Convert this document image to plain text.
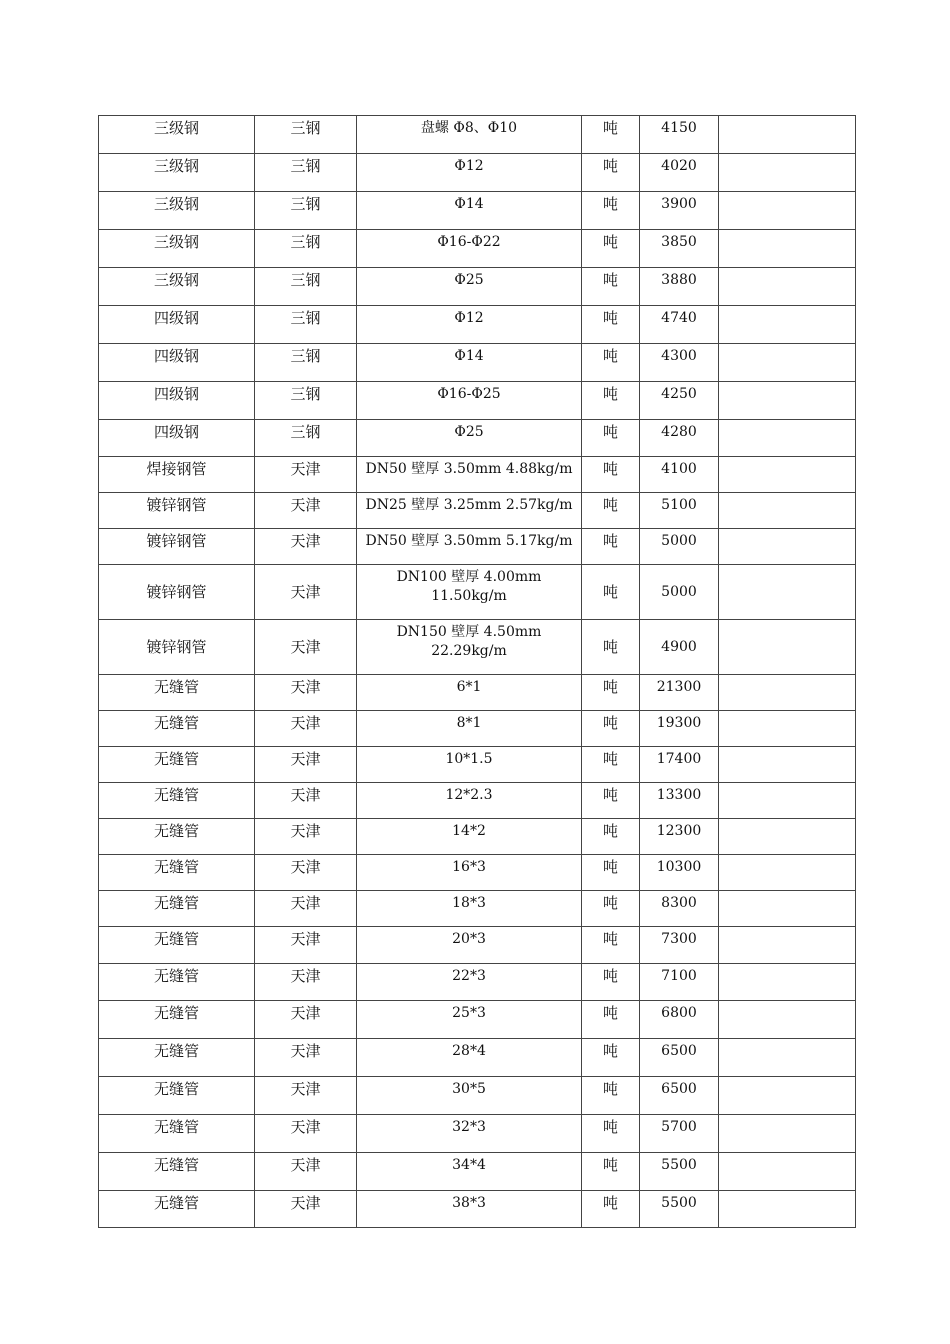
三级钢	三钢	盘螺 Φ8、Φ10	吨	4150	

三级钢	三钢	Φ12	吨	4020	

三级钢	三钢	Φ14	吨	3900	

三级钢	三钢	Φ16-Φ22	吨	3850	

三级钢	三钢	Φ25	吨	3880	

四级钢	三钢	Φ12	吨	4740	

四级钢	三钢	Φ14	吨	4300	

四级钢	三钢	Φ16-Φ25	吨	4250	

四级钢	三钢	Φ25	吨	4280	

焊接钢管	天津	DN50 壁厚 3.50mm 4.88kg/m	吨	4100	

镀锌钢管	天津	DN25 壁厚 3.25mm 2.57kg/m	吨	5100	

镀锌钢管	天津	DN50 壁厚 3.50mm 5.17kg/m	吨	5000	

镀锌钢管	天津	DN100 壁厚 4.00mm
11.50kg/m	吨	5000	

镀锌钢管	天津	DN150 壁厚 4.50mm
22.29kg/m	吨	4900	

无缝管	天津	6*1	吨	21300	

无缝管	天津	8*1	吨	19300	

无缝管	天津	10*1.5	吨	17400	

无缝管	天津	12*2.3	吨	13300	

无缝管	天津	14*2	吨	12300	

无缝管	天津	16*3	吨	10300	

无缝管	天津	18*3	吨	8300	

无缝管	天津	20*3	吨	7300	

无缝管	天津	22*3	吨	7100	

无缝管	天津	25*3	吨	6800	

无缝管	天津	28*4	吨	6500	

无缝管	天津	30*5	吨	6500	

无缝管	天津	32*3	吨	5700	

无缝管	天津	34*4	吨	5500	

无缝管	天津	38*3	吨	5500	
